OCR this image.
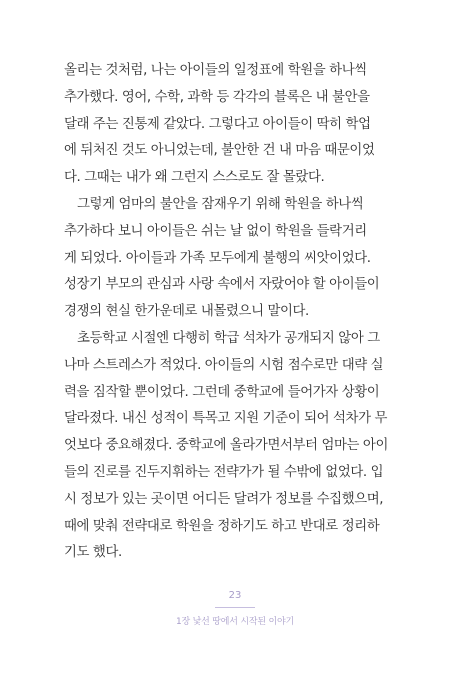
올리는 것처럼, 나는 아이들의 일정표에 학원을 하나씩
추가했다. 영어, 수학, 과학 등 각각의 블록은 내 불안을
달래 주는 진통제 같았다. 그렇다고 아이들이 딱히 학업
에 뒤처진 것도 아니었는데, 불안한 건 내 마음 때문이었
다. 그때는 내가 왜 그런지 스스로도 잘 몰랐다.
그렇게 엄마의 불안을 잠재우기 위해 학원을 하나씩
추가하다 보니 아이들은 쉬는 날 없이 학원을 들락거리
게 되었다. 아이들과 가족 모두에게 불행의 씨앗이었다.
성장기 부모의 관심과 사랑 속에서 자랐어야 할 아이들이
경쟁의 현실 한가운데로 내몰렸으니 말이다.
초등학교 시절엔 다행히 학급 석차가 공개되지 않아 그
나마 스트레스가 적었다. 아이들의 시험 점수로만 대략 실
력을 짐작할 뿐이었다. 그런데 중학교에 들어가자 상황이
달라졌다. 내신 성적이 특목고 지원 기준이 되어 석차가 무
엇보다 중요해졌다. 중학교에 올라가면서부터 엄마는 아이
들의 진로를 진두지휘하는 전략가가 될 수밖에 없었다. 입
시 정보가 있는 곳이면 어디든 달려가 정보를 수집했으며,
때에 맞춰 전략대로 학원을 정하기도 하고 반대로 정리하
기도 했다.
23
1장 낯선 땅에서 시작된 이야기
